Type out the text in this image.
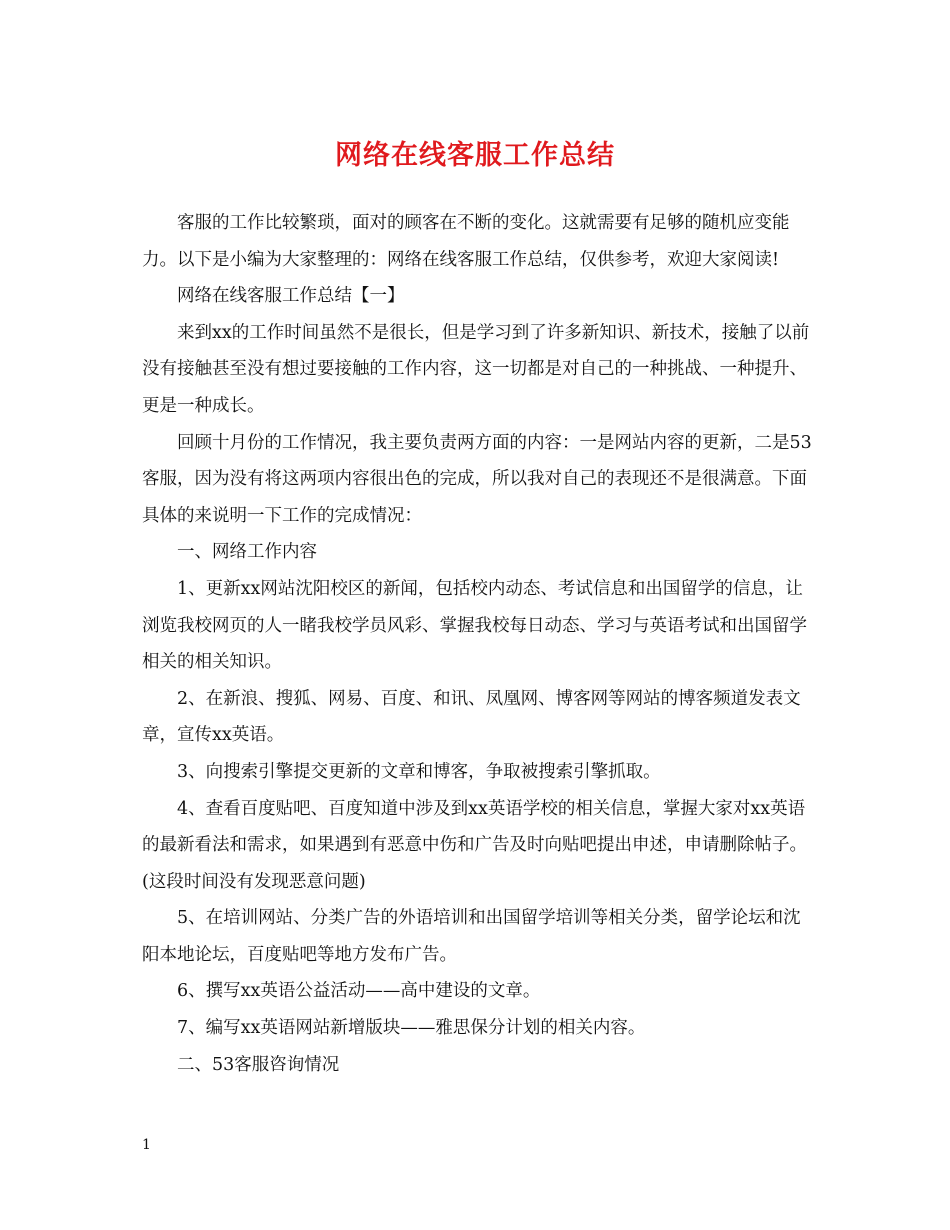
网络在线客服工作总结

客服的工作比较繁琐，面对的顾客在不断的变化。这就需要有足够的随机应变能力。以下是小编为大家整理的：网络在线客服工作总结，仅供参考，欢迎大家阅读!

网络在线客服工作总结【一】

来到xx的工作时间虽然不是很长，但是学习到了许多新知识、新技术，接触了以前没有接触甚至没有想过要接触的工作内容，这一切都是对自己的一种挑战、一种提升、更是一种成长。

回顾十月份的工作情况，我主要负责两方面的内容：一是网站内容的更新，二是53客服，因为没有将这两项内容很出色的完成，所以我对自己的表现还不是很满意。下面具体的来说明一下工作的完成情况：

一、网络工作内容

1、更新xx网站沈阳校区的新闻，包括校内动态、考试信息和出国留学的信息，让浏览我校网页的人一睹我校学员风彩、掌握我校每日动态、学习与英语考试和出国留学相关的相关知识。

2、在新浪、搜狐、网易、百度、和讯、凤凰网、博客网等网站的博客频道发表文章，宣传xx英语。

3、向搜索引擎提交更新的文章和博客，争取被搜索引擎抓取。

4、查看百度贴吧、百度知道中涉及到xx英语学校的相关信息，掌握大家对xx英语的最新看法和需求，如果遇到有恶意中伤和广告及时向贴吧提出申述，申请删除帖子。(这段时间没有发现恶意问题)

5、在培训网站、分类广告的外语培训和出国留学培训等相关分类，留学论坛和沈阳本地论坛，百度贴吧等地方发布广告。

6、撰写xx英语公益活动——高中建设的文章。

7、编写xx英语网站新增版块——雅思保分计划的相关内容。

二、53客服咨询情况

1
